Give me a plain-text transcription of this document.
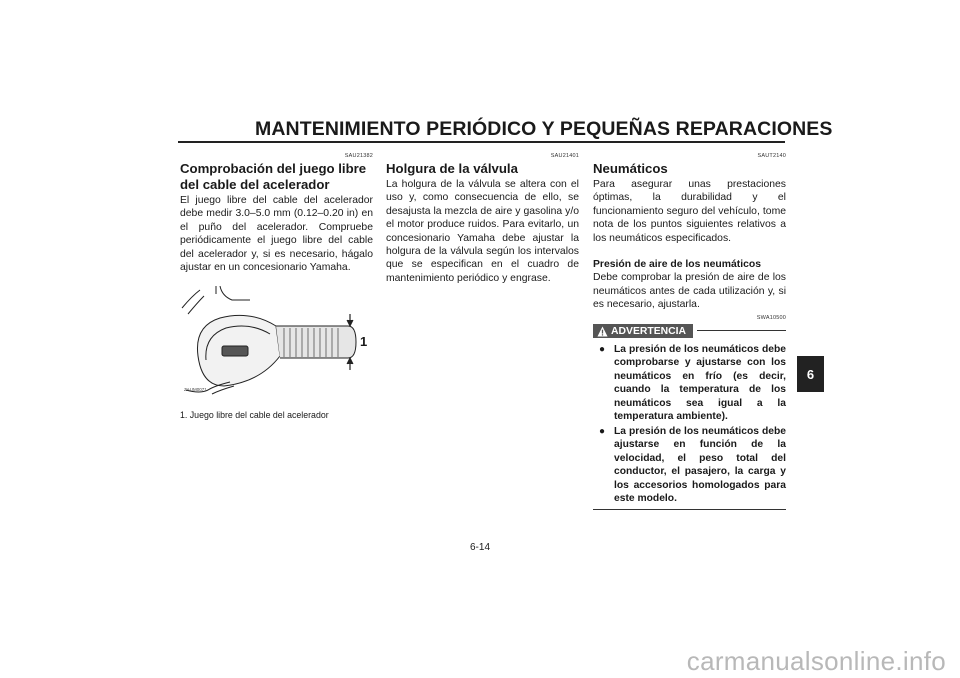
MANTENIMIENTO PERIÓDICO Y PEQUEÑAS REPARACIONES
SAU21382
Comprobación del juego libre del cable del acelerador

El juego libre del cable del acelerador debe medir 3.0–5.0 mm (0.12–0.20 in) en el puño del acelerador. Compruebe periódicamente el juego libre del cable del acelerador y, si es necesario, hágalo ajustar en un concesionario Yamaha.

1
ZAUM0071
1. Juego libre del cable del acelerador
SAU21401
Holgura de la válvula

La holgura de la válvula se altera con el uso y, como consecuencia de ello, se desajusta la mezcla de aire y gasolina y/o el motor produce ruidos. Para evitarlo, un concesionario Yamaha debe ajustar la holgura de la válvula según los intervalos que se especifican en el cuadro de mantenimiento periódico y engrase.

SAUT2140
Neumáticos

Para asegurar unas prestaciones óptimas, la durabilidad y el funcionamiento seguro del vehículo, tome nota de los puntos siguientes relativos a los neumáticos especificados.

Presión de aire de los neumáticos

Debe comprobar la presión de aire de los neumáticos antes de cada utilización y, si es necesario, ajustarla.

SWA10500
ADVERTENCIA
● La presión de los neumáticos debe comprobarse y ajustarse con los neumáticos en frío (es decir, cuando la temperatura de los neumáticos sea igual a la temperatura ambiente).
● La presión de los neumáticos debe ajustarse en función de la velocidad, el peso total del conductor, el pasajero, la carga y los accesorios homologados para este modelo.
6
6-14
carmanualsonline.info
